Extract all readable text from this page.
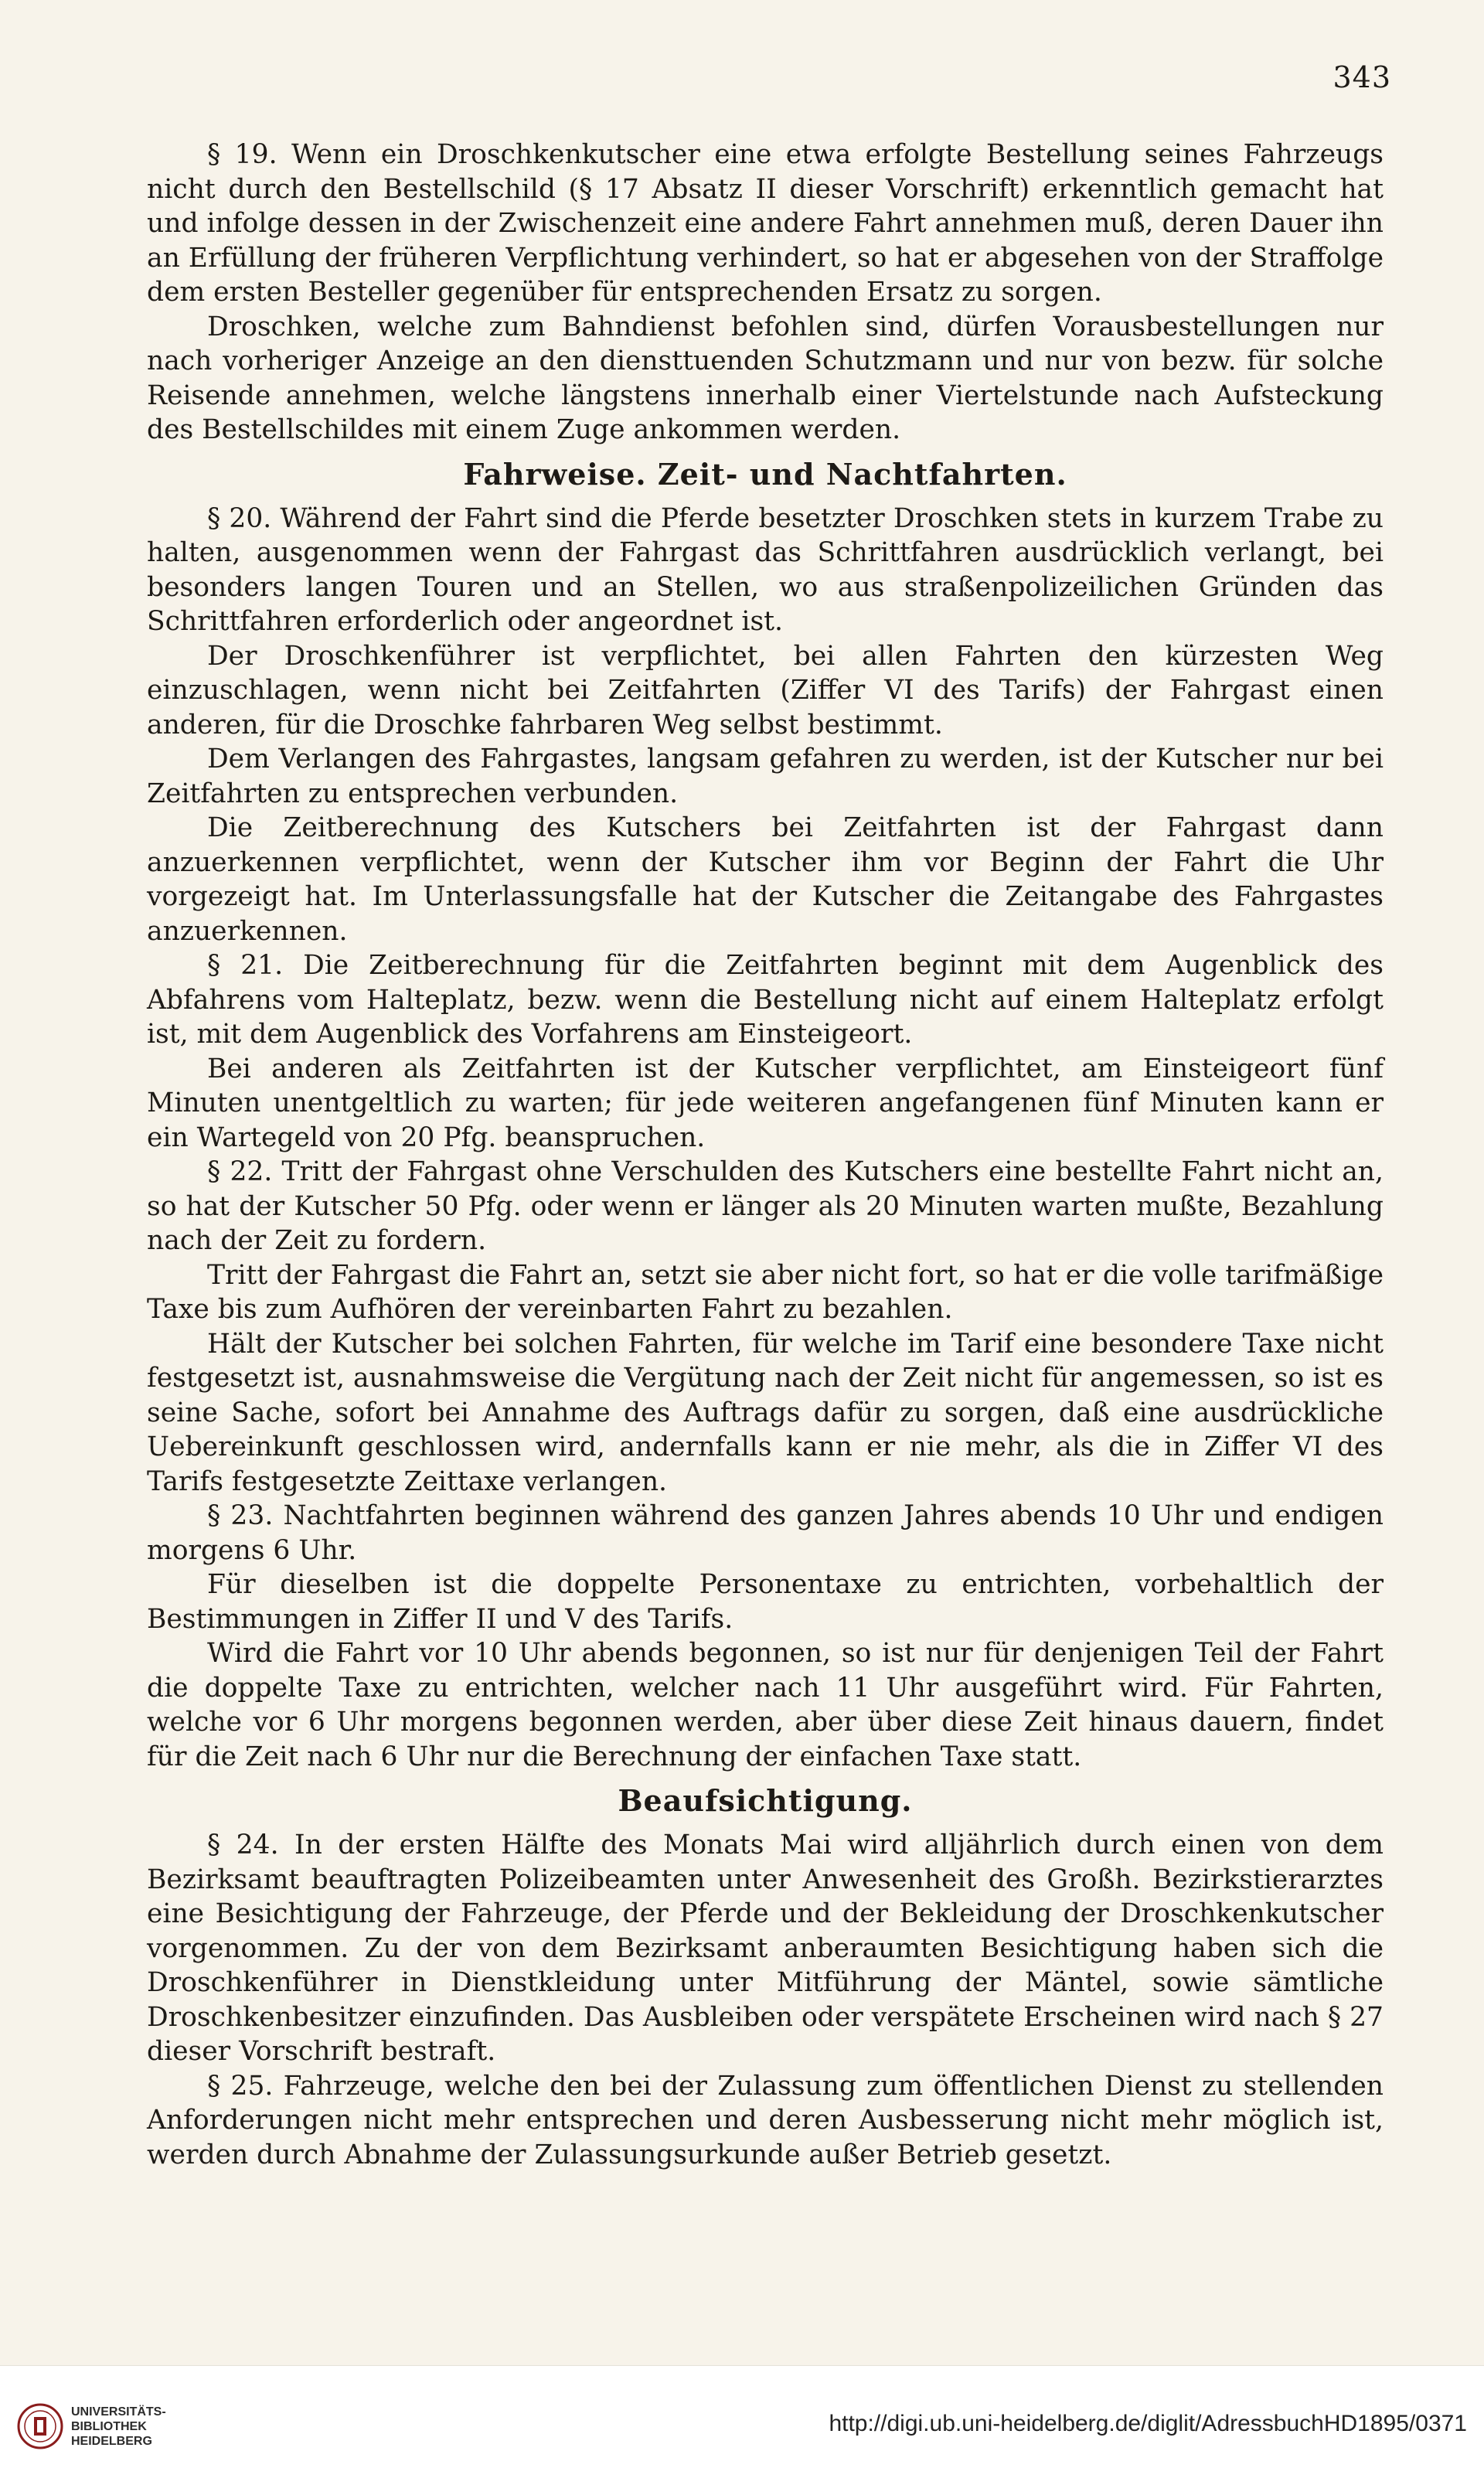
343

§ 19. Wenn ein Droschkenkutscher eine etwa erfolgte Bestellung seines Fahrzeugs nicht durch den Bestellschild (§ 17 Absatz II dieser Vorschrift) erkenntlich gemacht hat und infolge dessen in der Zwischenzeit eine andere Fahrt annehmen muß, deren Dauer ihn an Erfüllung der früheren Verpflichtung verhindert, so hat er abgesehen von der Straffolge dem ersten Besteller gegenüber für entsprechenden Ersatz zu sorgen.

Droschken, welche zum Bahndienst befohlen sind, dürfen Vorausbestellungen nur nach vorheriger Anzeige an den diensttuenden Schutzmann und nur von bezw. für solche Reisende annehmen, welche längstens innerhalb einer Viertelstunde nach Aufsteckung des Bestellschildes mit einem Zuge ankommen werden.

Fahrweise. Zeit- und Nachtfahrten.

§ 20. Während der Fahrt sind die Pferde besetzter Droschken stets in kurzem Trabe zu halten, ausgenommen wenn der Fahrgast das Schrittfahren ausdrücklich verlangt, bei besonders langen Touren und an Stellen, wo aus straßenpolizeilichen Gründen das Schrittfahren erforderlich oder angeordnet ist.

Der Droschkenführer ist verpflichtet, bei allen Fahrten den kürzesten Weg einzuschlagen, wenn nicht bei Zeitfahrten (Ziffer VI des Tarifs) der Fahrgast einen anderen, für die Droschke fahrbaren Weg selbst bestimmt.

Dem Verlangen des Fahrgastes, langsam gefahren zu werden, ist der Kutscher nur bei Zeitfahrten zu entsprechen verbunden.

Die Zeitberechnung des Kutschers bei Zeitfahrten ist der Fahrgast dann anzuerkennen verpflichtet, wenn der Kutscher ihm vor Beginn der Fahrt die Uhr vorgezeigt hat. Im Unterlassungsfalle hat der Kutscher die Zeitangabe des Fahrgastes anzuerkennen.

§ 21. Die Zeitberechnung für die Zeitfahrten beginnt mit dem Augenblick des Abfahrens vom Halteplatz, bezw. wenn die Bestellung nicht auf einem Halteplatz erfolgt ist, mit dem Augenblick des Vorfahrens am Einsteigeort.

Bei anderen als Zeitfahrten ist der Kutscher verpflichtet, am Einsteigeort fünf Minuten unentgeltlich zu warten; für jede weiteren angefangenen fünf Minuten kann er ein Wartegeld von 20 Pfg. beanspruchen.

§ 22. Tritt der Fahrgast ohne Verschulden des Kutschers eine bestellte Fahrt nicht an, so hat der Kutscher 50 Pfg. oder wenn er länger als 20 Minuten warten mußte, Bezahlung nach der Zeit zu fordern.

Tritt der Fahrgast die Fahrt an, setzt sie aber nicht fort, so hat er die volle tarifmäßige Taxe bis zum Aufhören der vereinbarten Fahrt zu bezahlen.

Hält der Kutscher bei solchen Fahrten, für welche im Tarif eine besondere Taxe nicht festgesetzt ist, ausnahmsweise die Vergütung nach der Zeit nicht für angemessen, so ist es seine Sache, sofort bei Annahme des Auftrags dafür zu sorgen, daß eine ausdrückliche Uebereinkunft geschlossen wird, andernfalls kann er nie mehr, als die in Ziffer VI des Tarifs festgesetzte Zeittaxe verlangen.

§ 23. Nachtfahrten beginnen während des ganzen Jahres abends 10 Uhr und endigen morgens 6 Uhr.

Für dieselben ist die doppelte Personentaxe zu entrichten, vorbehaltlich der Bestimmungen in Ziffer II und V des Tarifs.

Wird die Fahrt vor 10 Uhr abends begonnen, so ist nur für denjenigen Teil der Fahrt die doppelte Taxe zu entrichten, welcher nach 11 Uhr ausgeführt wird. Für Fahrten, welche vor 6 Uhr morgens begonnen werden, aber über diese Zeit hinaus dauern, findet für die Zeit nach 6 Uhr nur die Berechnung der einfachen Taxe statt.

Beaufsichtigung.

§ 24. In der ersten Hälfte des Monats Mai wird alljährlich durch einen von dem Bezirksamt beauftragten Polizeibeamten unter Anwesenheit des Großh. Bezirkstierarztes eine Besichtigung der Fahrzeuge, der Pferde und der Bekleidung der Droschkenkutscher vorgenommen. Zu der von dem Bezirksamt anberaumten Besichtigung haben sich die Droschkenführer in Dienstkleidung unter Mitführung der Mäntel, sowie sämtliche Droschkenbesitzer einzufinden. Das Ausbleiben oder verspätete Erscheinen wird nach § 27 dieser Vorschrift bestraft.

§ 25. Fahrzeuge, welche den bei der Zulassung zum öffentlichen Dienst zu stellenden Anforderungen nicht mehr entsprechen und deren Ausbesserung nicht mehr möglich ist, werden durch Abnahme der Zulassungsurkunde außer Betrieb gesetzt.

UNIVERSITÄTS-
BIBLIOTHEK
HEIDELBERG
http://digi.ub.uni-heidelberg.de/diglit/AdressbuchHD1895/0371
